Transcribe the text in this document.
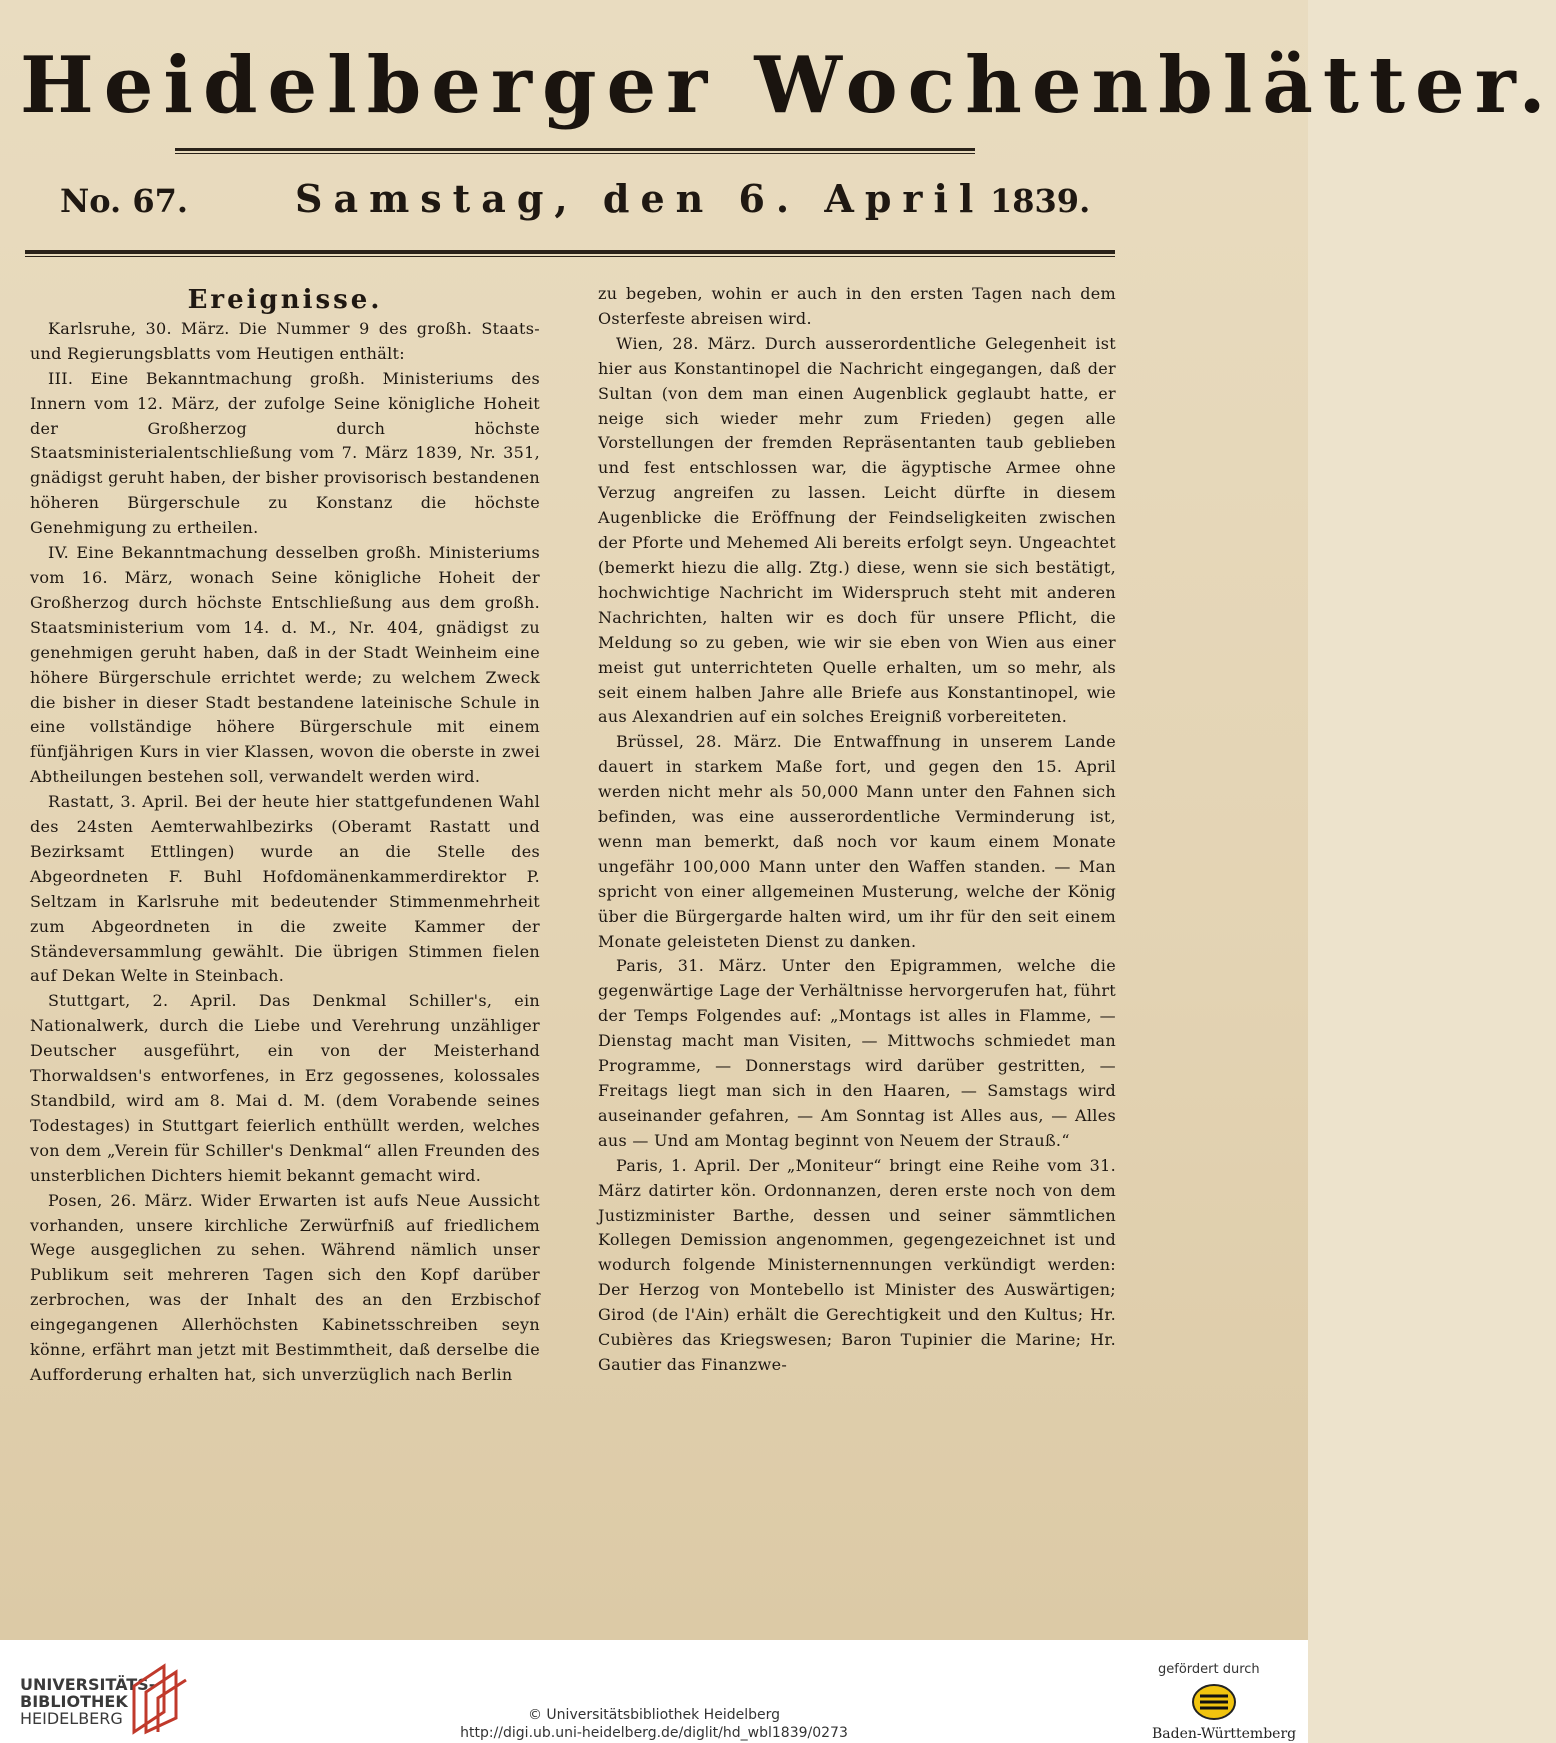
Heidelberger Wochenblätter.
No. 67.	Samstag, den 6. April 1839.
Ereignisse.

Karlsruhe, 30. März. Die Nummer 9 des großh. Staats- und Regierungsblatts vom Heutigen enthält:

III. Eine Bekanntmachung großh. Ministeriums des Innern vom 12. März, der zufolge Seine königliche Hoheit der Großherzog durch höchste Staatsministerialentschließung vom 7. März 1839, Nr. 351, gnädigst geruht haben, der bisher provisorisch bestandenen höheren Bürgerschule zu Konstanz die höchste Genehmigung zu ertheilen.

IV. Eine Bekanntmachung desselben großh. Ministeriums vom 16. März, wonach Seine königliche Hoheit der Großherzog durch höchste Entschließung aus dem großh. Staatsministerium vom 14. d. M., Nr. 404, gnädigst zu genehmigen geruht haben, daß in der Stadt Weinheim eine höhere Bürgerschule errichtet werde; zu welchem Zweck die bisher in dieser Stadt bestandene lateinische Schule in eine vollständige höhere Bürgerschule mit einem fünfjährigen Kurs in vier Klassen, wovon die oberste in zwei Abtheilungen bestehen soll, verwandelt werden wird.

Rastatt, 3. April. Bei der heute hier stattgefundenen Wahl des 24sten Aemterwahlbezirks (Oberamt Rastatt und Bezirksamt Ettlingen) wurde an die Stelle des Abgeordneten F. Buhl Hofdomänenkammerdirektor P. Seltzam in Karlsruhe mit bedeutender Stimmenmehrheit zum Abgeordneten in die zweite Kammer der Ständeversammlung gewählt. Die übrigen Stimmen fielen auf Dekan Welte in Steinbach.

Stuttgart, 2. April. Das Denkmal Schiller's, ein Nationalwerk, durch die Liebe und Verehrung unzähliger Deutscher ausgeführt, ein von der Meisterhand Thorwaldsen's entworfenes, in Erz gegossenes, kolossales Standbild, wird am 8. Mai d. M. (dem Vorabende seines Todestages) in Stuttgart feierlich enthüllt werden, welches von dem „Verein für Schiller's Denkmal“ allen Freunden des unsterblichen Dichters hiemit bekannt gemacht wird.

Posen, 26. März. Wider Erwarten ist aufs Neue Aussicht vorhanden, unsere kirchliche Zerwürfniß auf friedlichem Wege ausgeglichen zu sehen. Während nämlich unser Publikum seit mehreren Tagen sich den Kopf darüber zerbrochen, was der Inhalt des an den Erzbischof eingegangenen Allerhöchsten Kabinetsschreiben seyn könne, erfährt man jetzt mit Bestimmtheit, daß derselbe die Aufforderung erhalten hat, sich unverzüglich nach Berlin

zu begeben, wohin er auch in den ersten Tagen nach dem Osterfeste abreisen wird.

Wien, 28. März. Durch ausserordentliche Gelegenheit ist hier aus Konstantinopel die Nachricht eingegangen, daß der Sultan (von dem man einen Augenblick geglaubt hatte, er neige sich wieder mehr zum Frieden) gegen alle Vorstellungen der fremden Repräsentanten taub geblieben und fest entschlossen war, die ägyptische Armee ohne Verzug angreifen zu lassen. Leicht dürfte in diesem Augenblicke die Eröffnung der Feindseligkeiten zwischen der Pforte und Mehemed Ali bereits erfolgt seyn. Ungeachtet (bemerkt hiezu die allg. Ztg.) diese, wenn sie sich bestätigt, hochwichtige Nachricht im Widerspruch steht mit anderen Nachrichten, halten wir es doch für unsere Pflicht, die Meldung so zu geben, wie wir sie eben von Wien aus einer meist gut unterrichteten Quelle erhalten, um so mehr, als seit einem halben Jahre alle Briefe aus Konstantinopel, wie aus Alexandrien auf ein solches Ereigniß vorbereiteten.

Brüssel, 28. März. Die Entwaffnung in unserem Lande dauert in starkem Maße fort, und gegen den 15. April werden nicht mehr als 50,000 Mann unter den Fahnen sich befinden, was eine ausserordentliche Verminderung ist, wenn man bemerkt, daß noch vor kaum einem Monate ungefähr 100,000 Mann unter den Waffen standen. — Man spricht von einer allgemeinen Musterung, welche der König über die Bürgergarde halten wird, um ihr für den seit einem Monate geleisteten Dienst zu danken.

Paris, 31. März. Unter den Epigrammen, welche die gegenwärtige Lage der Verhältnisse hervorgerufen hat, führt der Temps Folgendes auf: „Montags ist alles in Flamme, — Dienstag macht man Visiten, — Mittwochs schmiedet man Programme, — Donnerstags wird darüber gestritten, — Freitags liegt man sich in den Haaren, — Samstags wird auseinander gefahren, — Am Sonntag ist Alles aus, — Alles aus — Und am Montag beginnt von Neuem der Strauß.“

Paris, 1. April. Der „Moniteur“ bringt eine Reihe vom 31. März datirter kön. Ordonnanzen, deren erste noch von dem Justizminister Barthe, dessen und seiner sämmtlichen Kollegen Demission angenommen, gegengezeichnet ist und wodurch folgende Ministernennungen verkündigt werden: Der Herzog von Montebello ist Minister des Auswärtigen; Girod (de l'Ain) erhält die Gerechtigkeit und den Kultus; Hr. Cubières das Kriegswesen; Baron Tupinier die Marine; Hr. Gautier das Finanzwe-

UNIVERSITÄTS-
BIBLIOTHEK
HEIDELBERG	© Universitätsbibliothek Heidelberg
http://digi.ub.uni-heidelberg.de/diglit/hd_wbl1839/0273
gefördert durch
Baden-Württemberg
